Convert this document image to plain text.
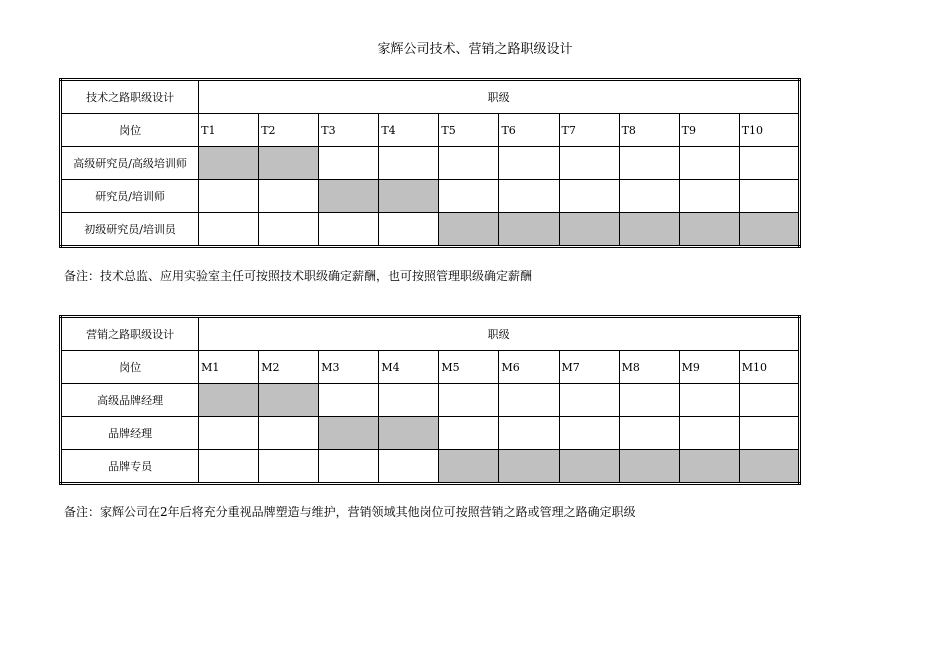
家辉公司技术、营销之路职级设计
技术之路职级设计	职级									
岗位	T1	T2	T3	T4	T5	T6	T7	T8	T9	T10
高级研究员/高级培训师										
研究员/培训师										
初级研究员/培训员										
备注：技术总监、应用实验室主任可按照技术职级确定薪酬，也可按照管理职级确定薪酬
营销之路职级设计	职级									
岗位	M1	M2	M3	M4	M5	M6	M7	M8	M9	M10
高级品牌经理										
品牌经理										
品牌专员										
备注：家辉公司在2年后将充分重视品牌塑造与维护，营销领域其他岗位可按照营销之路或管理之路确定职级
